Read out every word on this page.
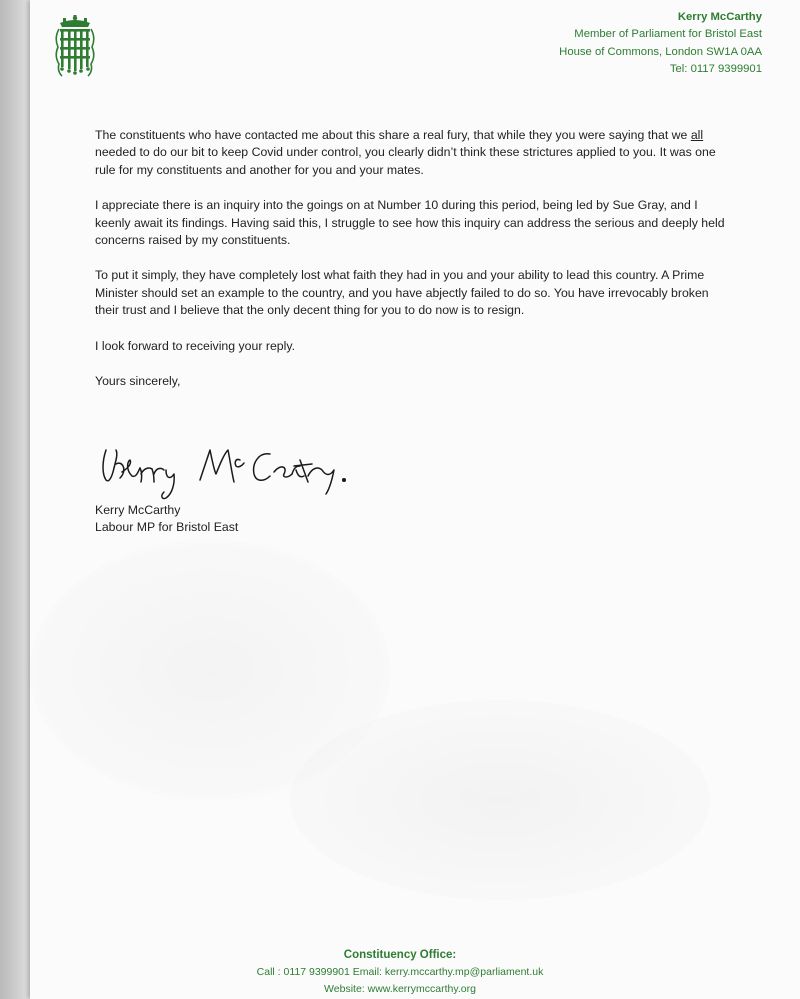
Kerry McCarthy
Member of Parliament for Bristol East
House of Commons, London SW1A 0AA
Tel: 0117 9399901

The constituents who have contacted me about this share a real fury, that while they you were saying that we all needed to do our bit to keep Covid under control, you clearly didn’t think these strictures applied to you. It was one rule for my constituents and another for you and your mates.

I appreciate there is an inquiry into the goings on at Number 10 during this period, being led by Sue Gray, and I keenly await its findings. Having said this, I struggle to see how this inquiry can address the serious and deeply held concerns raised by my constituents.

To put it simply, they have completely lost what faith they had in you and your ability to lead this country. A Prime Minister should set an example to the country, and you have abjectly failed to do so. You have irrevocably broken their trust and I believe that the only decent thing for you to do now is to resign.

I look forward to receiving your reply.

Yours sincerely,

Kerry McCarthy
Labour MP for Bristol East
Constituency Office:
Call : 0117 9399901 Email: kerry.mccarthy.mp@parliament.uk
Website: www.kerrymccarthy.org
